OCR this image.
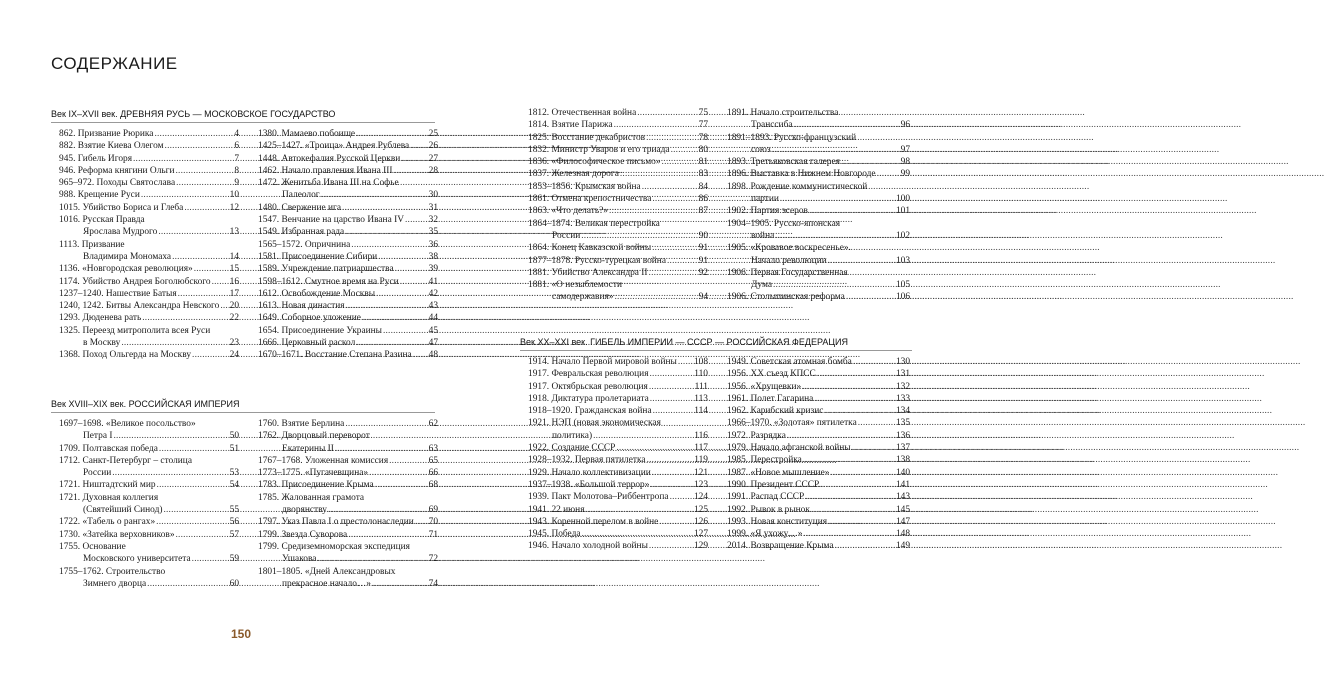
СОДЕРЖАНИЕ
Век IX–XVII век. ДРЕВНЯЯ РУСЬ — МОСКОВСКОЕ ГОСУДАРСТВО
862. Призвание Рюрика .....	4
882. Взятие Киева Олегом .....	6
945. Гибель Игоря .....	7
946. Реформа княгини Ольги .....	8
965–972. Походы Святослава .....	9
988. Крещение Руси .....	10
1015. Убийство Бориса и Глеба .....	12
1016. Русская Правда
Ярослава Мудрого .....	13
1113. Призвание
Владимира Мономаха .....	14
1136. «Новгородская революция» .....	15
1174. Убийство Андрея Боголюбского ..... 16
1237–1240. Нашествие Батыя .....	17
1240, 1242. Битвы Александра Невского ..... 20
1293. Дюденева рать .....	22
1325. Переезд митрополита всея Руси
в Москву .....	23
1368. Поход Ольгерда на Москву .....	24
1380. Мамаево побоище .....	25
1425–1427. «Троица» Андрея Рублева ..... 26
1448. Автокефалия Русской Церкви .....	27
1462. Начало правления Ивана III .....	28
1472. Женитьба Ивана III на Софье
Палеолог .....	30
1480. Свержение ига .....	31
1547. Венчание на царство Ивана IV .....	32
1549. Избранная рада .....	35
1565–1572. Опричнина .....	36
1581. Присоединение Сибири .....	38
1589. Учреждение патриаршества .....	39
1598–1612. Смутное время на Руси .....	41
1612. Освобождение Москвы .....	42
1613. Новая династия .....	43
1649. Соборное уложение .....	44
1654. Присоединение Украины .....	45
1666. Церковный раскол .....	47
1670–1671. Восстание Степана Разина ..... 48
Век XVIII–XIX век. РОССИЙСКАЯ ИМПЕРИЯ
1697–1698. «Великое посольство»
Петра I .....	50
1709. Полтавская победа .....	51
1712. Санкт-Петербург – столица
России .....	53
1721. Ништадтский мир .....	54
1721. Духовная коллегия
(Святейший Синод) .....	55
1722. «Табель о рангах» .....	56
1730. «Затейка верховников» .....	57
1755. Основание
Московского университета .....	59
1755–1762. Строительство
Зимнего дворца .....	60
1760. Взятие Берлина .....	62
1762. Дворцовый переворот
Екатерины II .....	63
1767–1768. Уложенная комиссия .....	65
1773–1775. «Пугачевщина» .....	66
1783. Присоединение Крыма .....	68
1785. Жалованная грамота
дворянству .....	69
1797. Указ Павла I о престолонаследии ..... 70
1799. Звезда Суворова .....	71
1799. Средиземноморская экспедиция
Ушакова .....	72
1801–1805. «Дней Александровых
прекрасное начало…» .....	74
1812. Отечественная война .....	75
1814. Взятие Парижа .....	77
1825. Восстание декабристов .....	78
1832. Министр Уваров и его триада .....	80
1836. «Философическое письмо» .....	81
1837. Железная дорога .....	83
1853–1856. Крымская война .....	84
1861. Отмена крепостничества .....	86
1863. «Что делать?» .....	87
1864–1874. Великая перестройка
России .....	90
1864. Конец Кавказской войны .....	91
1877–1878. Русско-турецкая война .....	91
1881. Убийство Александра II .....	92
1881. «О незыблемости
самодержавия» .....	94
1891. Начало строительства
Транссиба .....	96
1891–1893. Русско-французский
союз .....	97
1893. Третьяковская галерея .....	98
1896. Выставка в Нижнем Новгороде .....	99
1898. Рождение коммунистической
партии .....	100
1902. Партия эсеров .....	101
1904–1905. Русско-японская
война .....	102
1905. «Кровавое воскресенье».
Начало революции .....	103
1906. Первая Государственная
Дума .....	105
1906. Столыпинская реформа .....	106
Век XX–XXI век. ГИБЕЛЬ ИМПЕРИИ — СССР — РОССИЙСКАЯ ФЕДЕРАЦИЯ
1914. Начало Первой мировой войны ..... 108
1917. Февральская революция .....	110
1917. Октябрьская революция .....	111
1918. Диктатура пролетариата .....	113
1918–1920. Гражданская война .....	114
1921. НЭП (новая экономическая
политика) .....	116
1922. Создание СССР .....	117
1928–1932. Первая пятилетка .....	119
1929. Начало коллективизации .....	121
1937–1938. «Большой террор» .....	123
1939. Пакт Молотова–Риббентропа .....	124
1941. 22 июня .....	125
1943. Коренной перелом в войне .....	126
1945. Победа .....	127
1946. Начало холодной войны .....	129
1949. Советская атомная бомба .....	130
1956. XX съезд КПСС .....	131
1956. «Хрущевки» .....	132
1961. Полет Гагарина .....	133
1962. Карибский кризис .....	134
1966–1970. «Золотая» пятилетка .....	135
1972. Разрядка .....	136
1979. Начало афганской войны .....	137
1985. Перестройка .....	138
1987. «Новое мышление» .....	140
1990. Президент СССР .....	141
1991. Распад СССР .....	143
1992. Рывок в рынок .....	145
1993. Новая конституция .....	147
1999. «Я ухожу…» .....	148
2014. Возвращение Крыма .....	149
150
